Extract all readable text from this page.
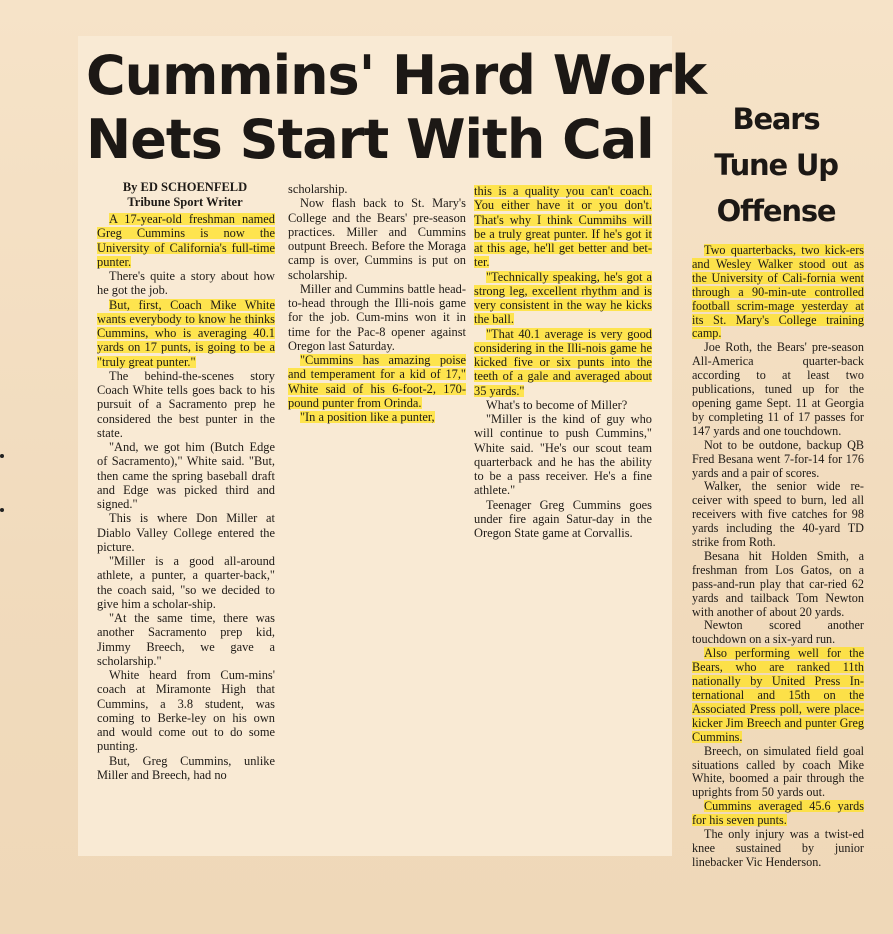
Cummins' Hard Work
Nets Start With Cal
By ED SCHOENFELD
Tribune Sport Writer

A 17-year-old freshman named Greg Cummins is now the University of California's full-time punter.

There's quite a story about how he got the job.

But, first, Coach Mike White wants everybody to know he thinks Cummins, who is averaging 40.1 yards on 17 punts, is going to be a "truly great punter."

The behind-the-scenes story Coach White tells goes back to his pursuit of a Sacramento prep he considered the best punter in the state.

"And, we got him (Butch Edge of Sacramento)," White said. "But, then came the spring baseball draft and Edge was picked third and signed."

This is where Don Miller at Diablo Valley College entered the picture.

"Miller is a good all-around athlete, a punter, a quarter-back," the coach said, "so we decided to give him a scholar-ship.

"At the same time, there was another Sacramento prep kid, Jimmy Breech, we gave a scholarship."

White heard from Cum-mins' coach at Miramonte High that Cummins, a 3.8 student, was coming to Berke-ley on his own and would come out to do some punting.

But, Greg Cummins, unlike Miller and Breech, had no

scholarship.

Now flash back to St. Mary's College and the Bears' pre-season practices. Miller and Cummins outpunt Breech. Before the Moraga camp is over, Cummins is put on scholarship.

Miller and Cummins battle head-to-head through the Illi-nois game for the job. Cum-mins won it in time for the Pac-8 opener against Oregon last Saturday.

"Cummins has amazing poise and temperament for a kid of 17," White said of his 6-foot-2, 170-pound punter from Orinda.

"In a position like a punter,

this is a quality you can't coach. You either have it or you don't. That's why I think Cummihs will be a truly great punter. If he's got it at this age, he'll get better and bet-ter.

"Technically speaking, he's got a strong leg, excellent rhythm and is very consistent in the way he kicks the ball.

"That 40.1 average is very good considering in the Illi-nois game he kicked five or six punts into the teeth of a gale and averaged about 35 yards."

What's to become of Miller?

"Miller is the kind of guy who will continue to push Cummins," White said. "He's our scout team quarterback and he has the ability to be a pass receiver. He's a fine athlete."

Teenager Greg Cummins goes under fire again Satur-day in the Oregon State game at Corvallis.

Bears
Tune Up
Offense

Two quarterbacks, two kick-ers and Wesley Walker stood out as the University of Cali-fornia went through a 90-min-ute controlled football scrim-mage yesterday at its St. Mary's College training camp.

Joe Roth, the Bears' pre-season All-America quarter-back according to at least two publications, tuned up for the opening game Sept. 11 at Georgia by completing 11 of 17 passes for 147 yards and one touchdown.

Not to be outdone, backup QB Fred Besana went 7-for-14 for 176 yards and a pair of scores.

Walker, the senior wide re-ceiver with speed to burn, led all receivers with five catches for 98 yards including the 40-yard TD strike from Roth.

Besana hit Holden Smith, a freshman from Los Gatos, on a pass-and-run play that car-ried 62 yards and tailback Tom Newton with another of about 20 yards.

Newton scored another touchdown on a six-yard run.

Also performing well for the Bears, who are ranked 11th nationally by United Press In-ternational and 15th on the Associated Press poll, were place-kicker Jim Breech and punter Greg Cummins.

Breech, on simulated field goal situations called by coach Mike White, boomed a pair through the uprights from 50 yards out.

Cummins averaged 45.6 yards for his seven punts.

The only injury was a twist-ed knee sustained by junior linebacker Vic Henderson.
